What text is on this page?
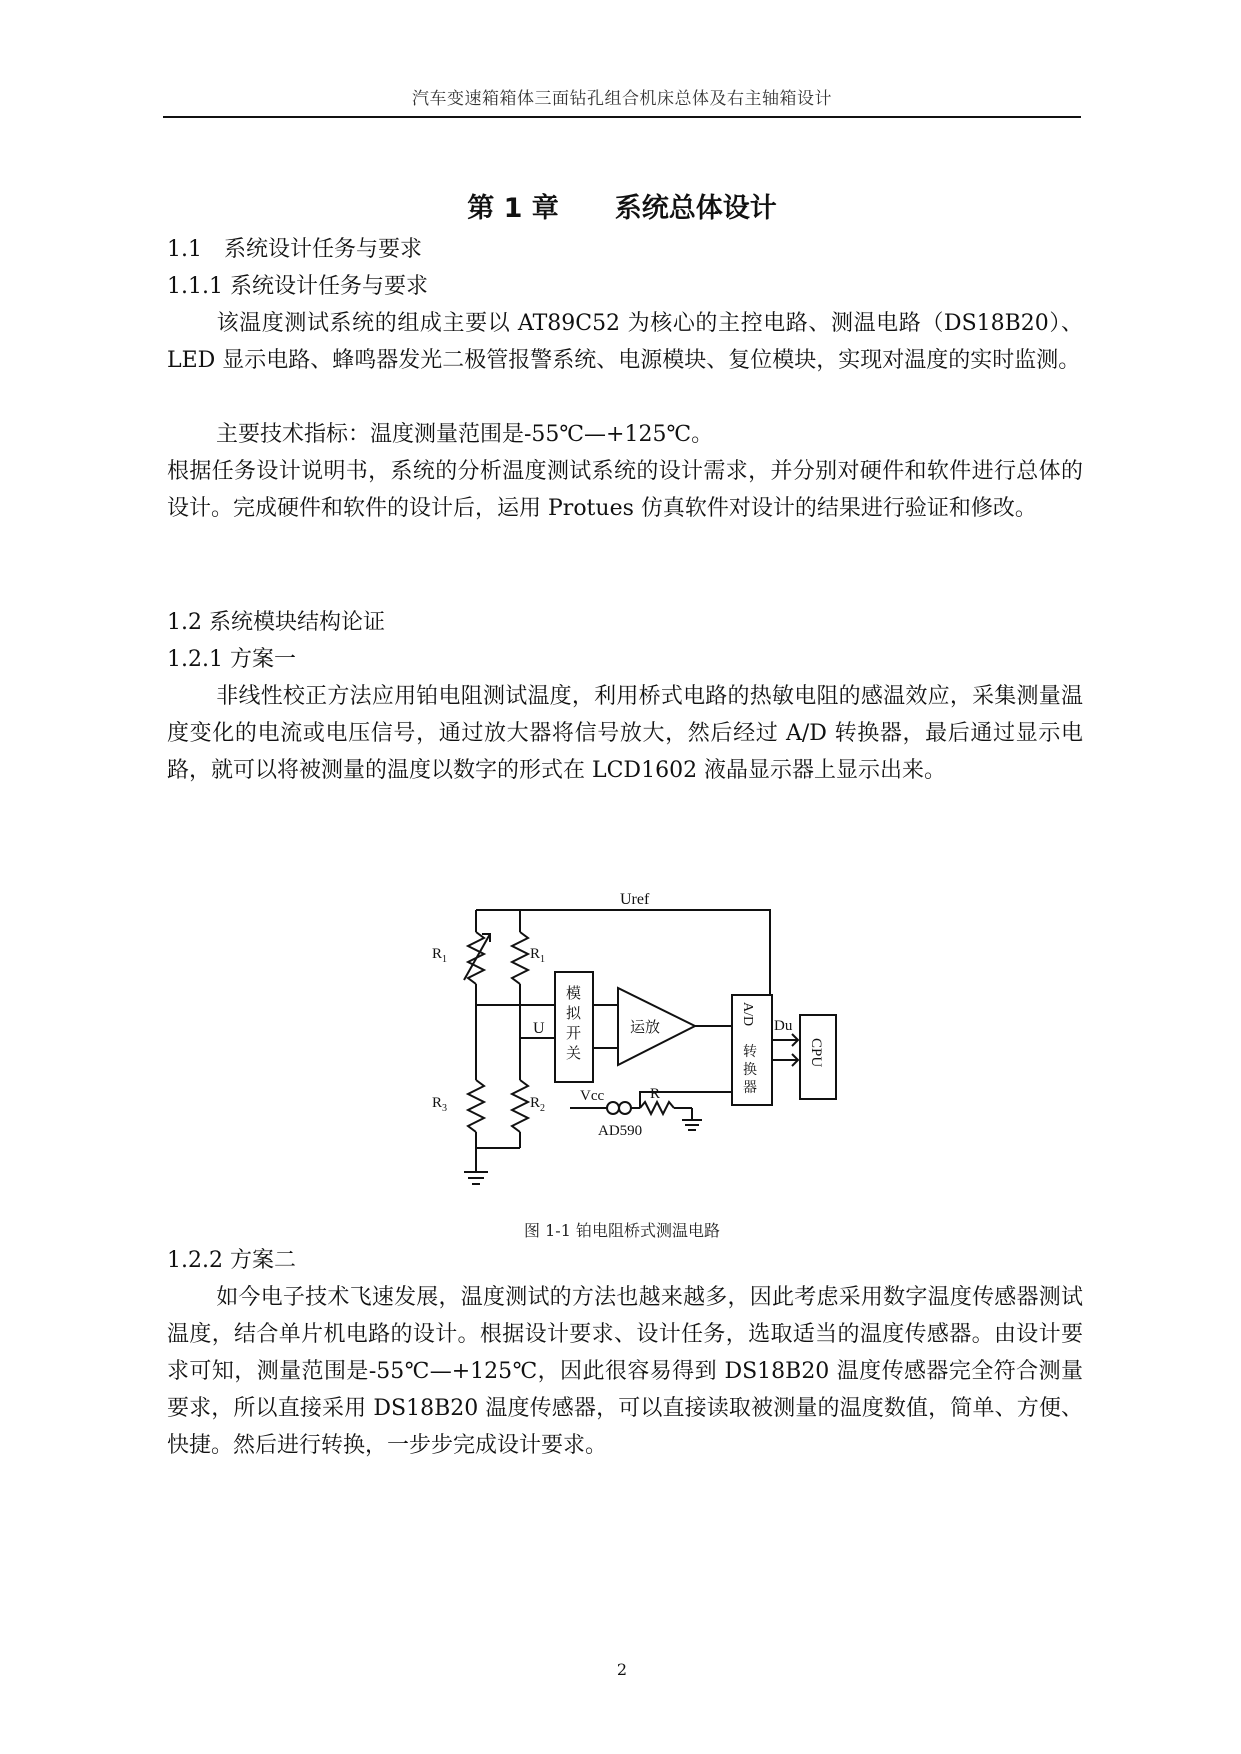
汽车变速箱箱体三面钻孔组合机床总体及右主轴箱设计
第 1 章 系统总体设计
1.1　系统设计任务与要求
1.1.1 系统设计任务与要求
该温度测试系统的组成主要以 AT89C52 为核心的主控电路、测温电路（DS18B20）、LED 显示电路、蜂鸣器发光二极管报警系统、电源模块、复位模块，实现对温度的实时监测。
主要技术指标：温度测量范围是-55℃—+125℃。
根据任务设计说明书，系统的分析温度测试系统的设计需求，并分别对硬件和软件进行总体的设计。完成硬件和软件的设计后，运用 Protues 仿真软件对设计的结果进行验证和修改。
1.2 系统模块结构论证
1.2.1 方案一
非线性校正方法应用铂电阻测试温度，利用桥式电路的热敏电阻的感温效应，采集测量温度变化的电流或电压信号，通过放大器将信号放大，然后经过 A/D 转换器，最后通过显示电路，就可以将被测量的温度以数字的形式在 LCD1602 液晶显示器上显示出来。
Uref
$R_1$	$R_1$
$R_3$	$R_2$
U
模
拟
开
关
运放
A/D
转
换
器
Du
CPU
Vcc	R
AD590
图 1-1 铂电阻桥式测温电路
1.2.2 方案二
如今电子技术飞速发展，温度测试的方法也越来越多，因此考虑采用数字温度传感器测试温度，结合单片机电路的设计。根据设计要求、设计任务，选取适当的温度传感器。由设计要求可知，测量范围是-55℃—+125℃，因此很容易得到 DS18B20 温度传感器完全符合测量要求，所以直接采用 DS18B20 温度传感器，可以直接读取被测量的温度数值，简单、方便、快捷。然后进行转换，一步步完成设计要求。
2
